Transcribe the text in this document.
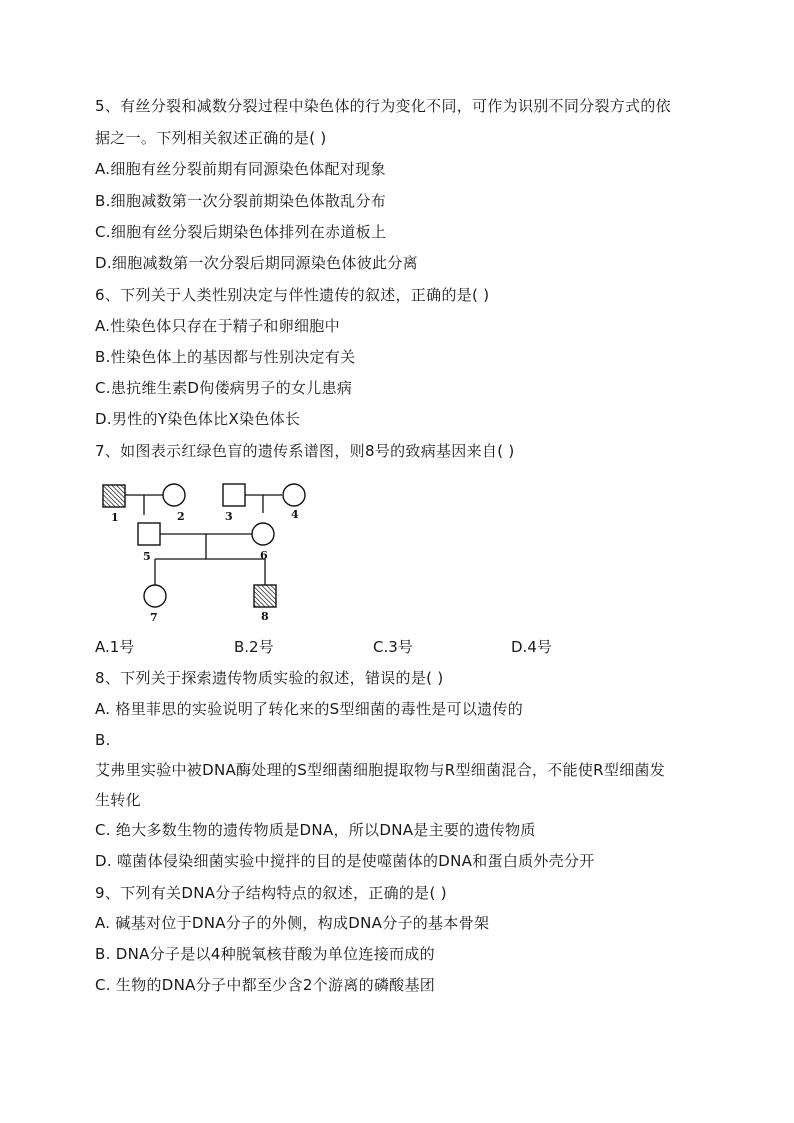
5、有丝分裂和减数分裂过程中染色体的行为变化不同，可作为识别不同分裂方式的依
据之一。下列相关叙述正确的是( )
A.细胞有丝分裂前期有同源染色体配对现象
B.细胞减数第一次分裂前期染色体散乱分布
C.细胞有丝分裂后期染色体排列在赤道板上
D.细胞减数第一次分裂后期同源染色体彼此分离
6、下列关于人类性别决定与伴性遗传的叙述，正确的是( )
A.性染色体只存在于精子和卵细胞中
B.性染色体上的基因都与性别决定有关
C.患抗维生素D佝偻病男子的女儿患病
D.男性的Y染色体比X染色体长
7、如图表示红绿色盲的遗传系谱图，则8号的致病基因来自( )
1	2	3	4
5	6
7	8
A.1号	B.2号	C.3号	D.4号
8、下列关于探索遗传物质实验的叙述，错误的是( )
A. 格里菲思的实验说明了转化来的S型细菌的毒性是可以遗传的
B.
艾弗里实验中被DNA酶处理的S型细菌细胞提取物与R型细菌混合，不能使R型细菌发
生转化
C. 绝大多数生物的遗传物质是DNA，所以DNA是主要的遗传物质
D. 噬菌体侵染细菌实验中搅拌的目的是使噬菌体的DNA和蛋白质外壳分开
9、下列有关DNA分子结构特点的叙述，正确的是( )
A. 碱基对位于DNA分子的外侧，构成DNA分子的基本骨架
B. DNA分子是以4种脱氧核苷酸为单位连接而成的
C. 生物的DNA分子中都至少含2个游离的磷酸基团
